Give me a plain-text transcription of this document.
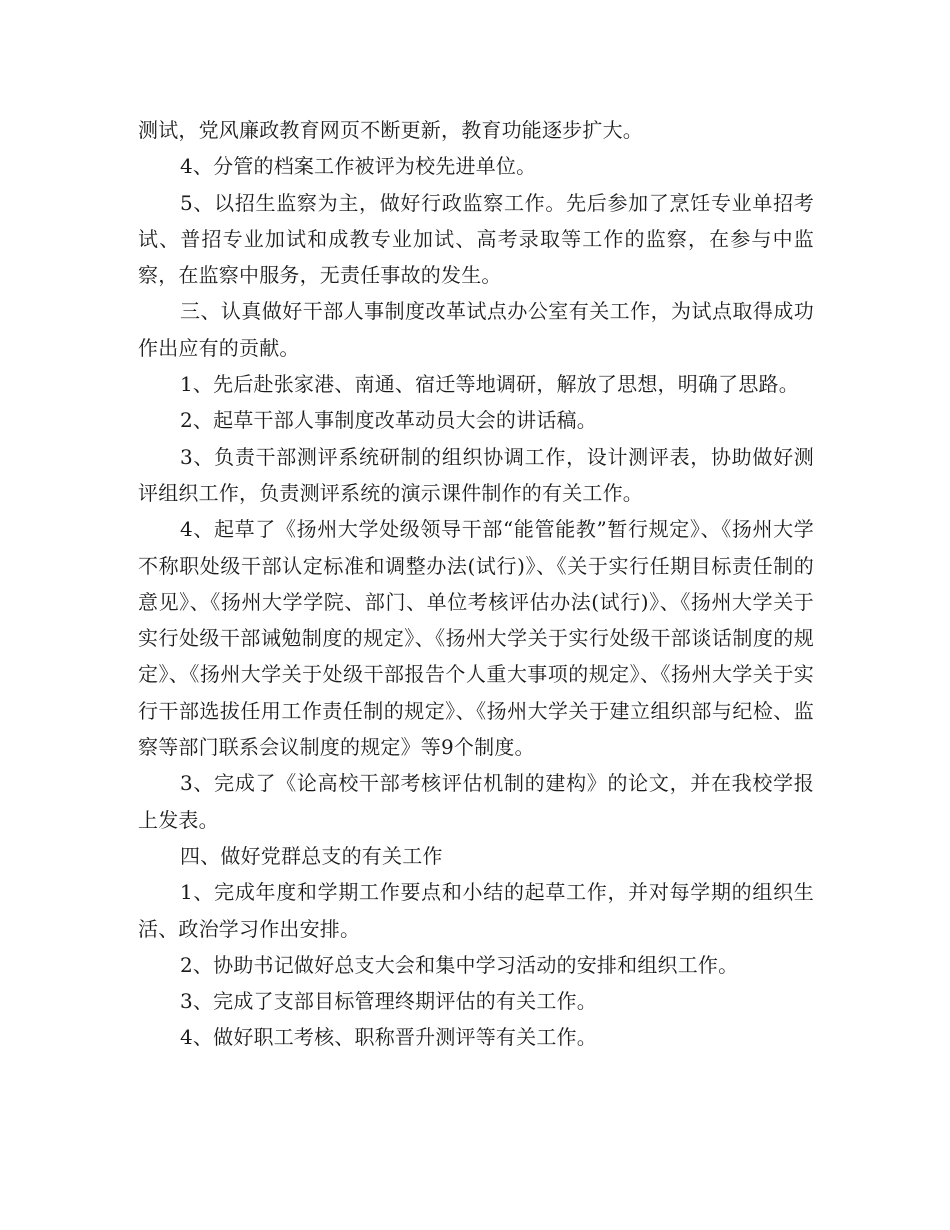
测试，党风廉政教育网页不断更新，教育功能逐步扩大。

4、分管的档案工作被评为校先进单位。

5、以招生监察为主，做好行政监察工作。先后参加了烹饪专业单招考试、普招专业加试和成教专业加试、高考录取等工作的监察，在参与中监察，在监察中服务，无责任事故的发生。

三、认真做好干部人事制度改革试点办公室有关工作，为试点取得成功作出应有的贡献。

1、先后赴张家港、南通、宿迁等地调研，解放了思想，明确了思路。

2、起草干部人事制度改革动员大会的讲话稿。

3、负责干部测评系统研制的组织协调工作，设计测评表，协助做好测评组织工作，负责测评系统的演示课件制作的有关工作。

4、起草了《扬州大学处级领导干部“能管能教”暂行规定》、《扬州大学不称职处级干部认定标准和调整办法(试行)》、《关于实行任期目标责任制的意见》、《扬州大学学院、部门、单位考核评估办法(试行)》、《扬州大学关于实行处级干部诫勉制度的规定》、《扬州大学关于实行处级干部谈话制度的规定》、《扬州大学关于处级干部报告个人重大事项的规定》、《扬州大学关于实行干部选拔任用工作责任制的规定》、《扬州大学关于建立组织部与纪检、监察等部门联系会议制度的规定》等9个制度。

3、完成了《论高校干部考核评估机制的建构》的论文，并在我校学报上发表。

四、做好党群总支的有关工作

1、完成年度和学期工作要点和小结的起草工作，并对每学期的组织生活、政治学习作出安排。

2、协助书记做好总支大会和集中学习活动的安排和组织工作。

3、完成了支部目标管理终期评估的有关工作。

4、做好职工考核、职称晋升测评等有关工作。
